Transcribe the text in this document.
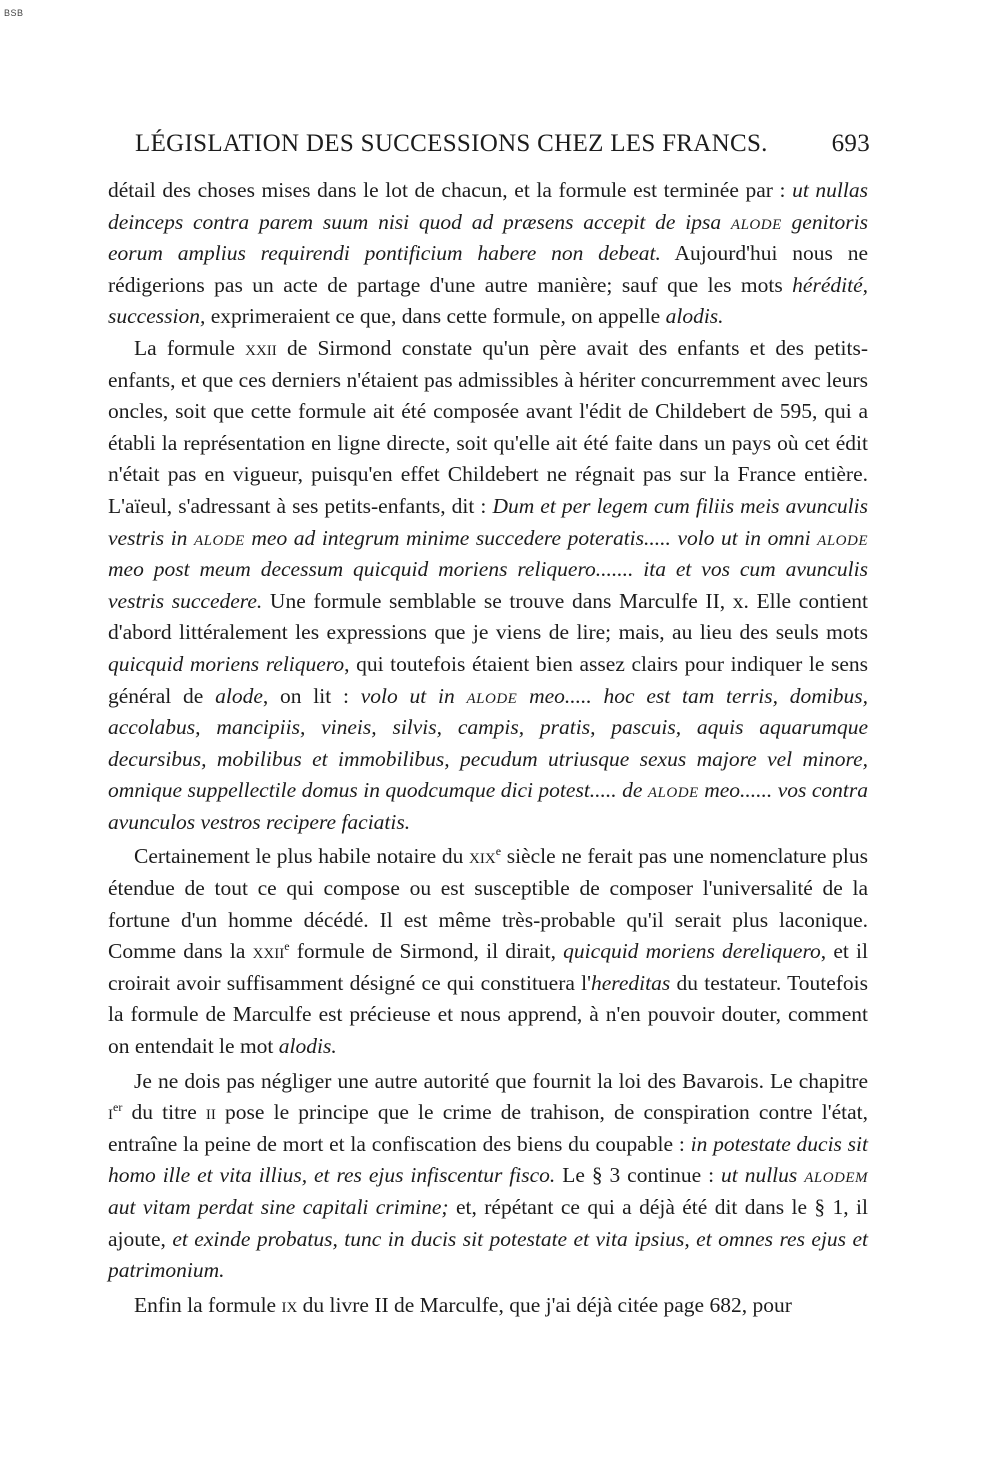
BSB
LÉGISLATION DES SUCCESSIONS CHEZ LES FRANCS.	693

détail des choses mises dans le lot de chacun, et la formule est terminée par : ut nullas deinceps contra parem suum nisi quod ad præsens accepit de ipsa alode genitoris eorum amplius requirendi pontificium habere non debeat. Aujourd'hui nous ne rédigerions pas un acte de partage d'une autre manière; sauf que les mots hérédité, succession, exprimeraient ce que, dans cette formule, on appelle alodis.

La formule xxii de Sirmond constate qu'un père avait des enfants et des petits-enfants, et que ces derniers n'étaient pas admissibles à hériter concurremment avec leurs oncles, soit que cette formule ait été composée avant l'édit de Childebert de 595, qui a établi la représentation en ligne directe, soit qu'elle ait été faite dans un pays où cet édit n'était pas en vigueur, puisqu'en effet Childebert ne régnait pas sur la France entière. L'aïeul, s'adressant à ses petits-enfants, dit : Dum et per legem cum filiis meis avunculis vestris in alode meo ad integrum minime succedere poteratis..... volo ut in omni alode meo post meum decessum quicquid moriens reliquero....... ita et vos cum avunculis vestris succedere. Une formule semblable se trouve dans Marculfe II, x. Elle contient d'abord littéralement les expressions que je viens de lire; mais, au lieu des seuls mots quicquid moriens reliquero, qui toutefois étaient bien assez clairs pour indiquer le sens général de alode, on lit : volo ut in alode meo..... hoc est tam terris, domibus, accolabus, mancipiis, vineis, silvis, campis, pratis, pascuis, aquis aquarumque decursibus, mobilibus et immobilibus, pecudum utriusque sexus majore vel minore, omnique suppellectile domus in quodcumque dici potest..... de alode meo...... vos contra avunculos vestros recipere faciatis.

Certainement le plus habile notaire du xix$^e$ siècle ne ferait pas une nomenclature plus étendue de tout ce qui compose ou est susceptible de composer l'universalité de la fortune d'un homme décédé. Il est même très-probable qu'il serait plus laconique. Comme dans la xxii$^e$ formule de Sirmond, il dirait, quicquid moriens dereliquero, et il croirait avoir suffisamment désigné ce qui constituera l'hereditas du testateur. Toutefois la formule de Marculfe est précieuse et nous apprend, à n'en pouvoir douter, comment on entendait le mot alodis.

Je ne dois pas négliger une autre autorité que fournit la loi des Bavarois. Le chapitre $i^{er}$ du titre ii pose le principe que le crime de trahison, de conspiration contre l'état, entraîne la peine de mort et la confiscation des biens du coupable : in potestate ducis sit homo ille et vita illius, et res ejus infiscentur fisco. Le § 3 continue : ut nullus alodem aut vitam perdat sine capitali crimine; et, répétant ce qui a déjà été dit dans le § 1, il ajoute, et exinde probatus, tunc in ducis sit potestate et vita ipsius, et omnes res ejus et patrimonium.

Enfin la formule ix du livre II de Marculfe, que j'ai déjà citée page 682, pour
